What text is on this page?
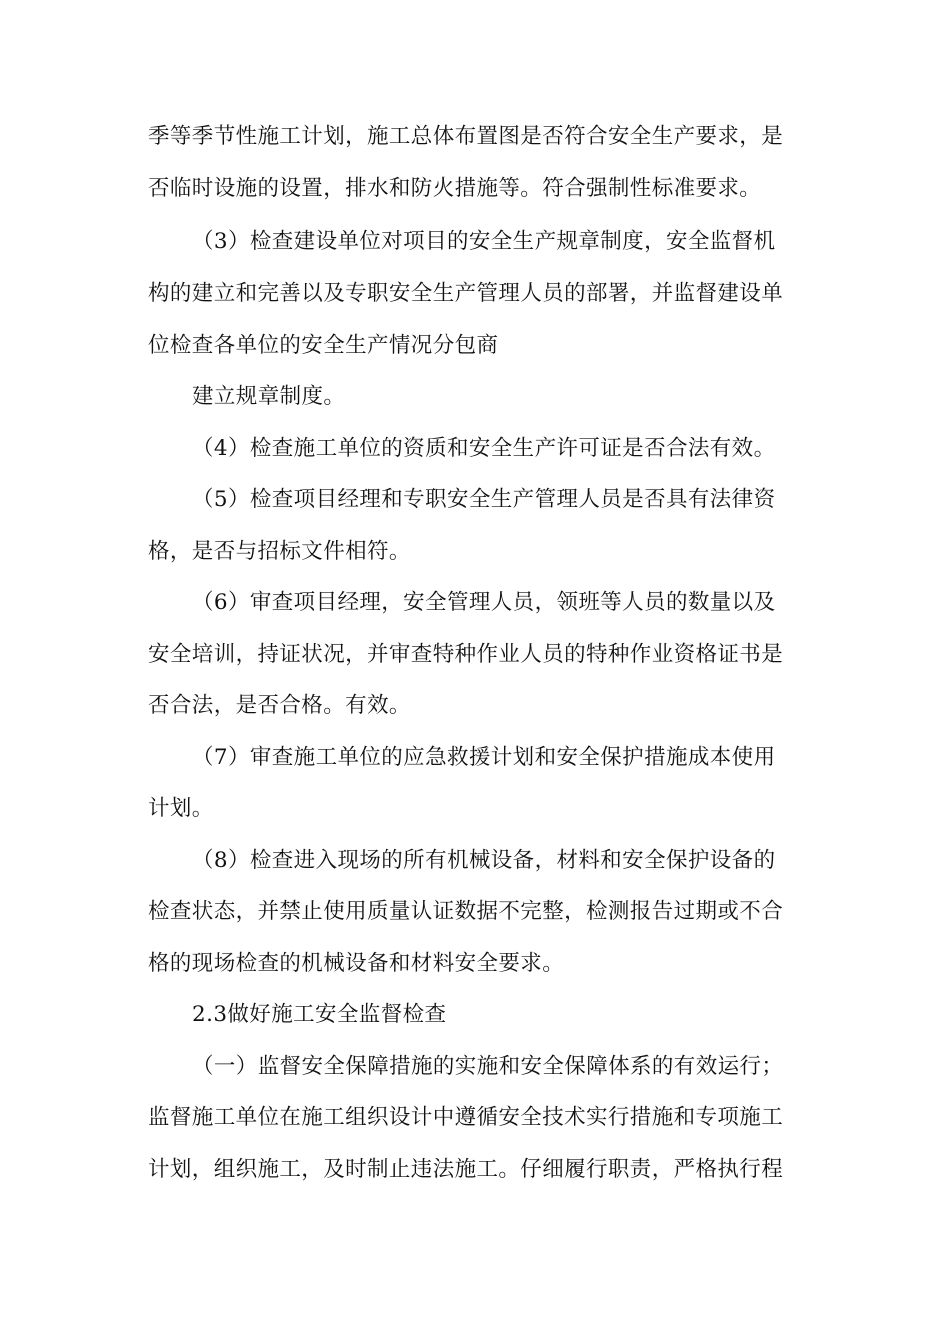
季等季节性施工计划，施工总体布置图是否符合安全生产要求，是
否临时设施的设置，排水和防火措施等。符合强制性标准要求。
（3）检查建设单位对项目的安全生产规章制度，安全监督机
构的建立和完善以及专职安全生产管理人员的部署，并监督建设单
位检查各单位的安全生产情况分包商
建立规章制度。
（4）检查施工单位的资质和安全生产许可证是否合法有效。
（5）检查项目经理和专职安全生产管理人员是否具有法律资
格，是否与招标文件相符。
（6）审查项目经理，安全管理人员，领班等人员的数量以及
安全培训，持证状况，并审查特种作业人员的特种作业资格证书是
否合法，是否合格。有效。
（7）审查施工单位的应急救援计划和安全保护措施成本使用
计划。
（8）检查进入现场的所有机械设备，材料和安全保护设备的
检查状态，并禁止使用质量认证数据不完整，检测报告过期或不合
格的现场检查的机械设备和材料安全要求。
2.3做好施工安全监督检查
（一）监督安全保障措施的实施和安全保障体系的有效运行；
监督施工单位在施工组织设计中遵循安全技术实行措施和专项施工
计划，组织施工，及时制止违法施工。仔细履行职责，严格执行程
